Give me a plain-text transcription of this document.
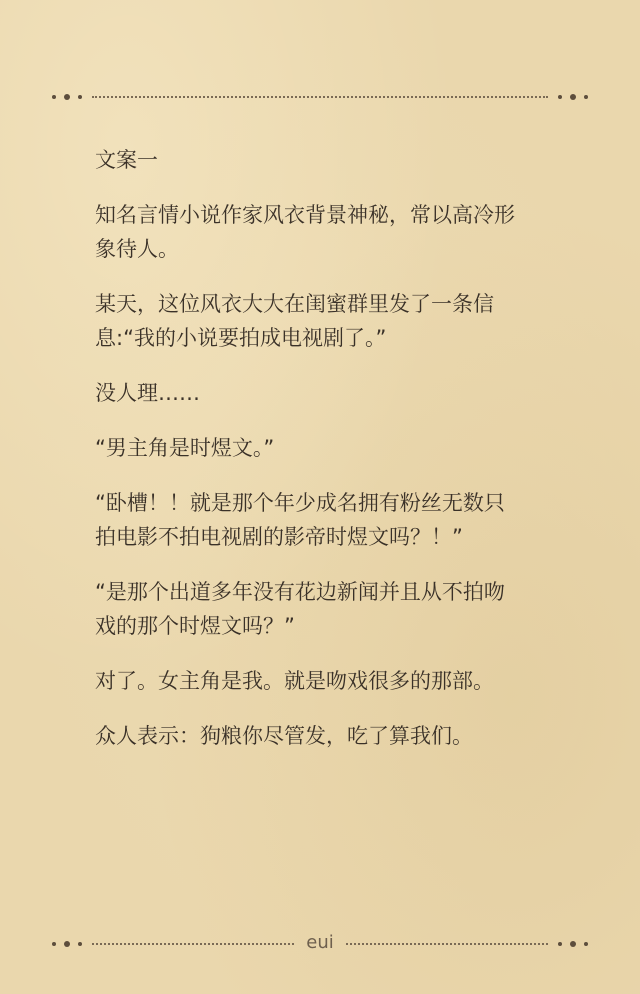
文案一

知名言情小说作家风衣背景神秘，常以高冷形
象待人。

某天，这位风衣大大在闺蜜群里发了一条信
息:“我的小说要拍成电视剧了。”

没人理……

“男主角是时煜文。”

“卧槽！！就是那个年少成名拥有粉丝无数只
拍电影不拍电视剧的影帝时煜文吗？！”

“是那个出道多年没有花边新闻并且从不拍吻
戏的那个时煜文吗？”

对了。女主角是我。就是吻戏很多的那部。

众人表示：狗粮你尽管发，吃了算我们。

eui
